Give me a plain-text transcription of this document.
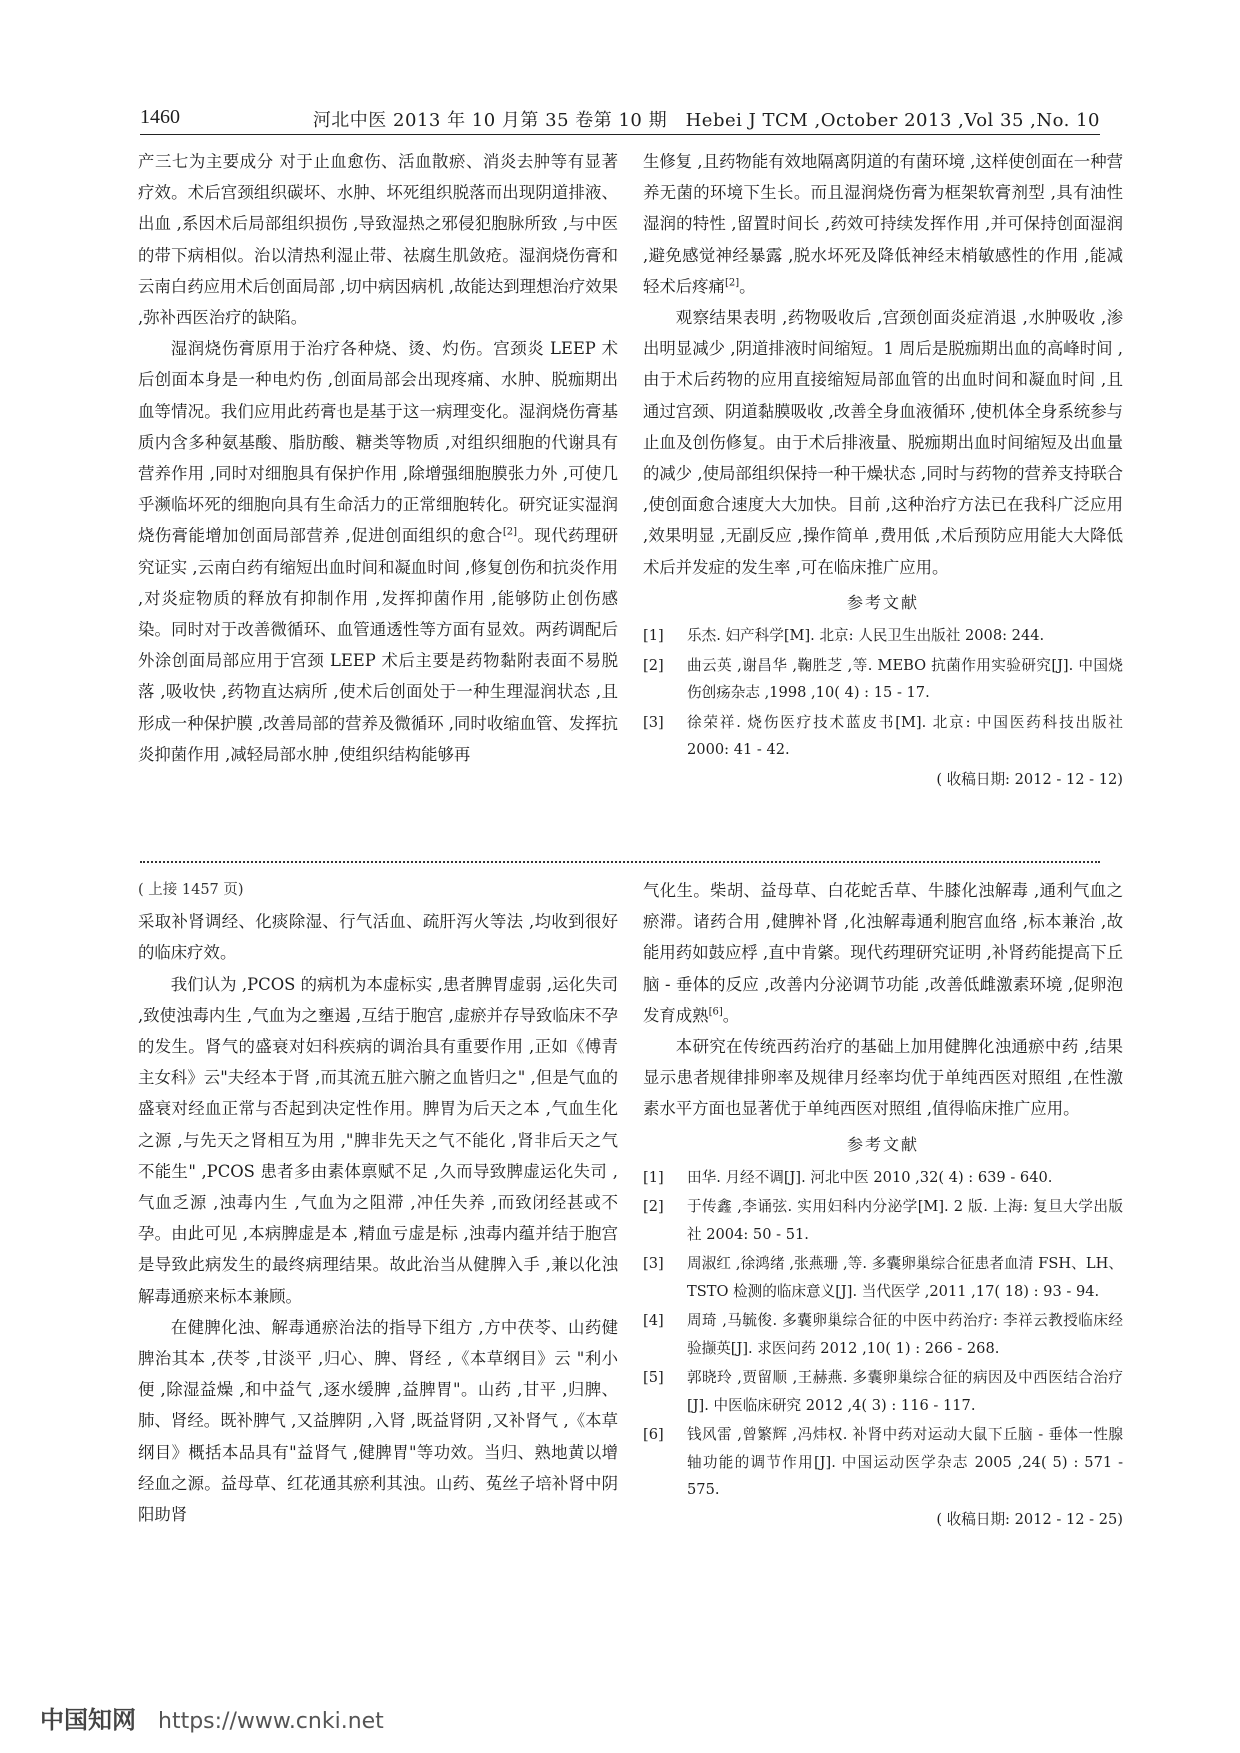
1460	河北中医 2013 年 10 月第 35 卷第 10 期　Hebei J TCM ,October 2013 ,Vol 35 ,No. 10

产三七为主要成分 对于止血愈伤、活血散瘀、消炎去肿等有显著疗效。术后宫颈组织碳坏、水肿、坏死组织脱落而出现阴道排液、出血 ,系因术后局部组织损伤 ,导致湿热之邪侵犯胞脉所致 ,与中医的带下病相似。治以清热利湿止带、祛腐生肌敛疮。湿润烧伤膏和云南白药应用术后创面局部 ,切中病因病机 ,故能达到理想治疗效果 ,弥补西医治疗的缺陷。

湿润烧伤膏原用于治疗各种烧、烫、灼伤。宫颈炎 LEEP 术后创面本身是一种电灼伤 ,创面局部会出现疼痛、水肿、脱痂期出血等情况。我们应用此药膏也是基于这一病理变化。湿润烧伤膏基质内含多种氨基酸、脂肪酸、糖类等物质 ,对组织细胞的代谢具有营养作用 ,同时对细胞具有保护作用 ,除增强细胞膜张力外 ,可使几乎濒临坏死的细胞向具有生命活力的正常细胞转化。研究证实湿润烧伤膏能增加创面局部营养 ,促进创面组织的愈合[2]。现代药理研究证实 ,云南白药有缩短出血时间和凝血时间 ,修复创伤和抗炎作用 ,对炎症物质的释放有抑制作用 ,发挥抑菌作用 ,能够防止创伤感染。同时对于改善微循环、血管通透性等方面有显效。两药调配后外涂创面局部应用于宫颈 LEEP 术后主要是药物黏附表面不易脱落 ,吸收快 ,药物直达病所 ,使术后创面处于一种生理湿润状态 ,且形成一种保护膜 ,改善局部的营养及微循环 ,同时收缩血管、发挥抗炎抑菌作用 ,减轻局部水肿 ,使组织结构能够再

生修复 ,且药物能有效地隔离阴道的有菌环境 ,这样使创面在一种营养无菌的环境下生长。而且湿润烧伤膏为框架软膏剂型 ,具有油性湿润的特性 ,留置时间长 ,药效可持续发挥作用 ,并可保持创面湿润 ,避免感觉神经暴露 ,脱水坏死及降低神经末梢敏感性的作用 ,能减轻术后疼痛[2]。

观察结果表明 ,药物吸收后 ,宫颈创面炎症消退 ,水肿吸收 ,渗出明显减少 ,阴道排液时间缩短。1 周后是脱痂期出血的高峰时间 ,由于术后药物的应用直接缩短局部血管的出血时间和凝血时间 ,且通过宫颈、阴道黏膜吸收 ,改善全身血液循环 ,使机体全身系统参与止血及创伤修复。由于术后排液量、脱痂期出血时间缩短及出血量的减少 ,使局部组织保持一种干燥状态 ,同时与药物的营养支持联合 ,使创面愈合速度大大加快。目前 ,这种治疗方法已在我科广泛应用 ,效果明显 ,无副反应 ,操作简单 ,费用低 ,术后预防应用能大大降低术后并发症的发生率 ,可在临床推广应用。

参考文献
[1]	乐杰. 妇产科学[M]. 北京: 人民卫生出版社 2008: 244.
[2]	曲云英 ,谢昌华 ,鞠胜芝 ,等. MEBO 抗菌作用实验研究[J]. 中国烧伤创疡杂志 ,1998 ,10( 4) : 15 - 17.
[3]	徐荣祥. 烧伤医疗技术蓝皮书[M]. 北京: 中国医药科技出版社 2000: 41 - 42.
( 收稿日期: 2012 - 12 - 12)
( 上接 1457 页)

采取补肾调经、化痰除湿、行气活血、疏肝泻火等法 ,均收到很好的临床疗效。

我们认为 ,PCOS 的病机为本虚标实 ,患者脾胃虚弱 ,运化失司 ,致使浊毒内生 ,气血为之壅遏 ,互结于胞宫 ,虚瘀并存导致临床不孕的发生。肾气的盛衰对妇科疾病的调治具有重要作用 ,正如《傅青主女科》云"夫经本于肾 ,而其流五脏六腑之血皆归之" ,但是气血的盛衰对经血正常与否起到决定性作用。脾胃为后天之本 ,气血生化之源 ,与先天之肾相互为用 ,"脾非先天之气不能化 ,肾非后天之气不能生" ,PCOS 患者多由素体禀赋不足 ,久而导致脾虚运化失司 ,气血乏源 ,浊毒内生 ,气血为之阻滞 ,冲任失养 ,而致闭经甚或不孕。由此可见 ,本病脾虚是本 ,精血亏虚是标 ,浊毒内蕴并结于胞宫是导致此病发生的最终病理结果。故此治当从健脾入手 ,兼以化浊解毒通瘀来标本兼顾。

在健脾化浊、解毒通瘀治法的指导下组方 ,方中茯苓、山药健脾治其本 ,茯苓 ,甘淡平 ,归心、脾、肾经 ,《本草纲目》云 "利小便 ,除湿益燥 ,和中益气 ,逐水缓脾 ,益脾胃"。山药 ,甘平 ,归脾、肺、肾经。既补脾气 ,又益脾阴 ,入肾 ,既益肾阴 ,又补肾气 ,《本草纲目》概括本品具有"益肾气 ,健脾胃"等功效。当归、熟地黄以增经血之源。益母草、红花通其瘀利其浊。山药、菟丝子培补肾中阴阳助肾

气化生。柴胡、益母草、白花蛇舌草、牛膝化浊解毒 ,通利气血之瘀滞。诸药合用 ,健脾补肾 ,化浊解毒通利胞宫血络 ,标本兼治 ,故能用药如鼓应桴 ,直中肯綮。现代药理研究证明 ,补肾药能提高下丘脑 - 垂体的反应 ,改善内分泌调节功能 ,改善低雌激素环境 ,促卵泡发育成熟[6]。

本研究在传统西药治疗的基础上加用健脾化浊通瘀中药 ,结果显示患者规律排卵率及规律月经率均优于单纯西医对照组 ,在性激素水平方面也显著优于单纯西医对照组 ,值得临床推广应用。

参考文献
[1]	田华. 月经不调[J]. 河北中医 2010 ,32( 4) : 639 - 640.
[2]	于传鑫 ,李诵弦. 实用妇科内分泌学[M]. 2 版. 上海: 复旦大学出版社 2004: 50 - 51.
[3]	周淑红 ,徐鸿绪 ,张燕珊 ,等. 多囊卵巢综合征患者血清 FSH、LH、TSTO 检测的临床意义[J]. 当代医学 ,2011 ,17( 18) : 93 - 94.
[4]	周琦 ,马毓俊. 多囊卵巢综合征的中医中药治疗: 李祥云教授临床经验撷英[J]. 求医问药 2012 ,10( 1) : 266 - 268.
[5]	郭晓玲 ,贾留顺 ,王赫燕. 多囊卵巢综合征的病因及中西医结合治疗[J]. 中医临床研究 2012 ,4( 3) : 116 - 117.
[6]	钱风雷 ,曾繁辉 ,冯炜权. 补肾中药对运动大鼠下丘脑 - 垂体一性腺轴功能的调节作用[J]. 中国运动医学杂志 2005 ,24( 5) : 571 - 575.
( 收稿日期: 2012 - 12 - 25)
中国知网 https://www.cnki.net
